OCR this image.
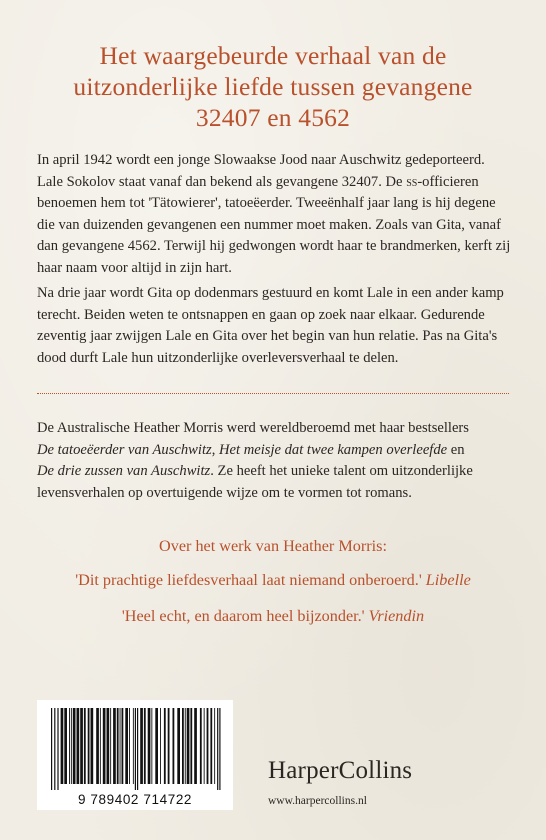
Het waargebeurde verhaal van de
uitzonderlijke liefde tussen gevangene
32407 en 4562

In april 1942 wordt een jonge Slowaakse Jood naar Auschwitz gedeporteerd.
Lale Sokolov staat vanaf dan bekend als gevangene 32407. De ss-officieren
benoemen hem tot 'Tätowierer', tatoeëerder. Tweeënhalf jaar lang is hij degene
die van duizenden gevangenen een nummer moet maken. Zoals van Gita, vanaf
dan gevangene 4562. Terwijl hij gedwongen wordt haar te brandmerken, kerft zij
haar naam voor altijd in zijn hart.

Na drie jaar wordt Gita op dodenmars gestuurd en komt Lale in een ander kamp
terecht. Beiden weten te ontsnappen en gaan op zoek naar elkaar. Gedurende
zeventig jaar zwijgen Lale en Gita over het begin van hun relatie. Pas na Gita's
dood durft Lale hun uitzonderlijke overleversverhaal te delen.

De Australische Heather Morris werd wereldberoemd met haar bestsellers
De tatoeëerder van Auschwitz, Het meisje dat twee kampen overleefde en
De drie zussen van Auschwitz. Ze heeft het unieke talent om uitzonderlijke
levensverhalen op overtuigende wijze om te vormen tot romans.

Over het werk van Heather Morris:
'Dit prachtige liefdesverhaal laat niemand onberoerd.' Libelle
'Heel echt, en daarom heel bijzonder.' Vriendin
9 789402 714722
HarperCollins
www.harpercollins.nl
